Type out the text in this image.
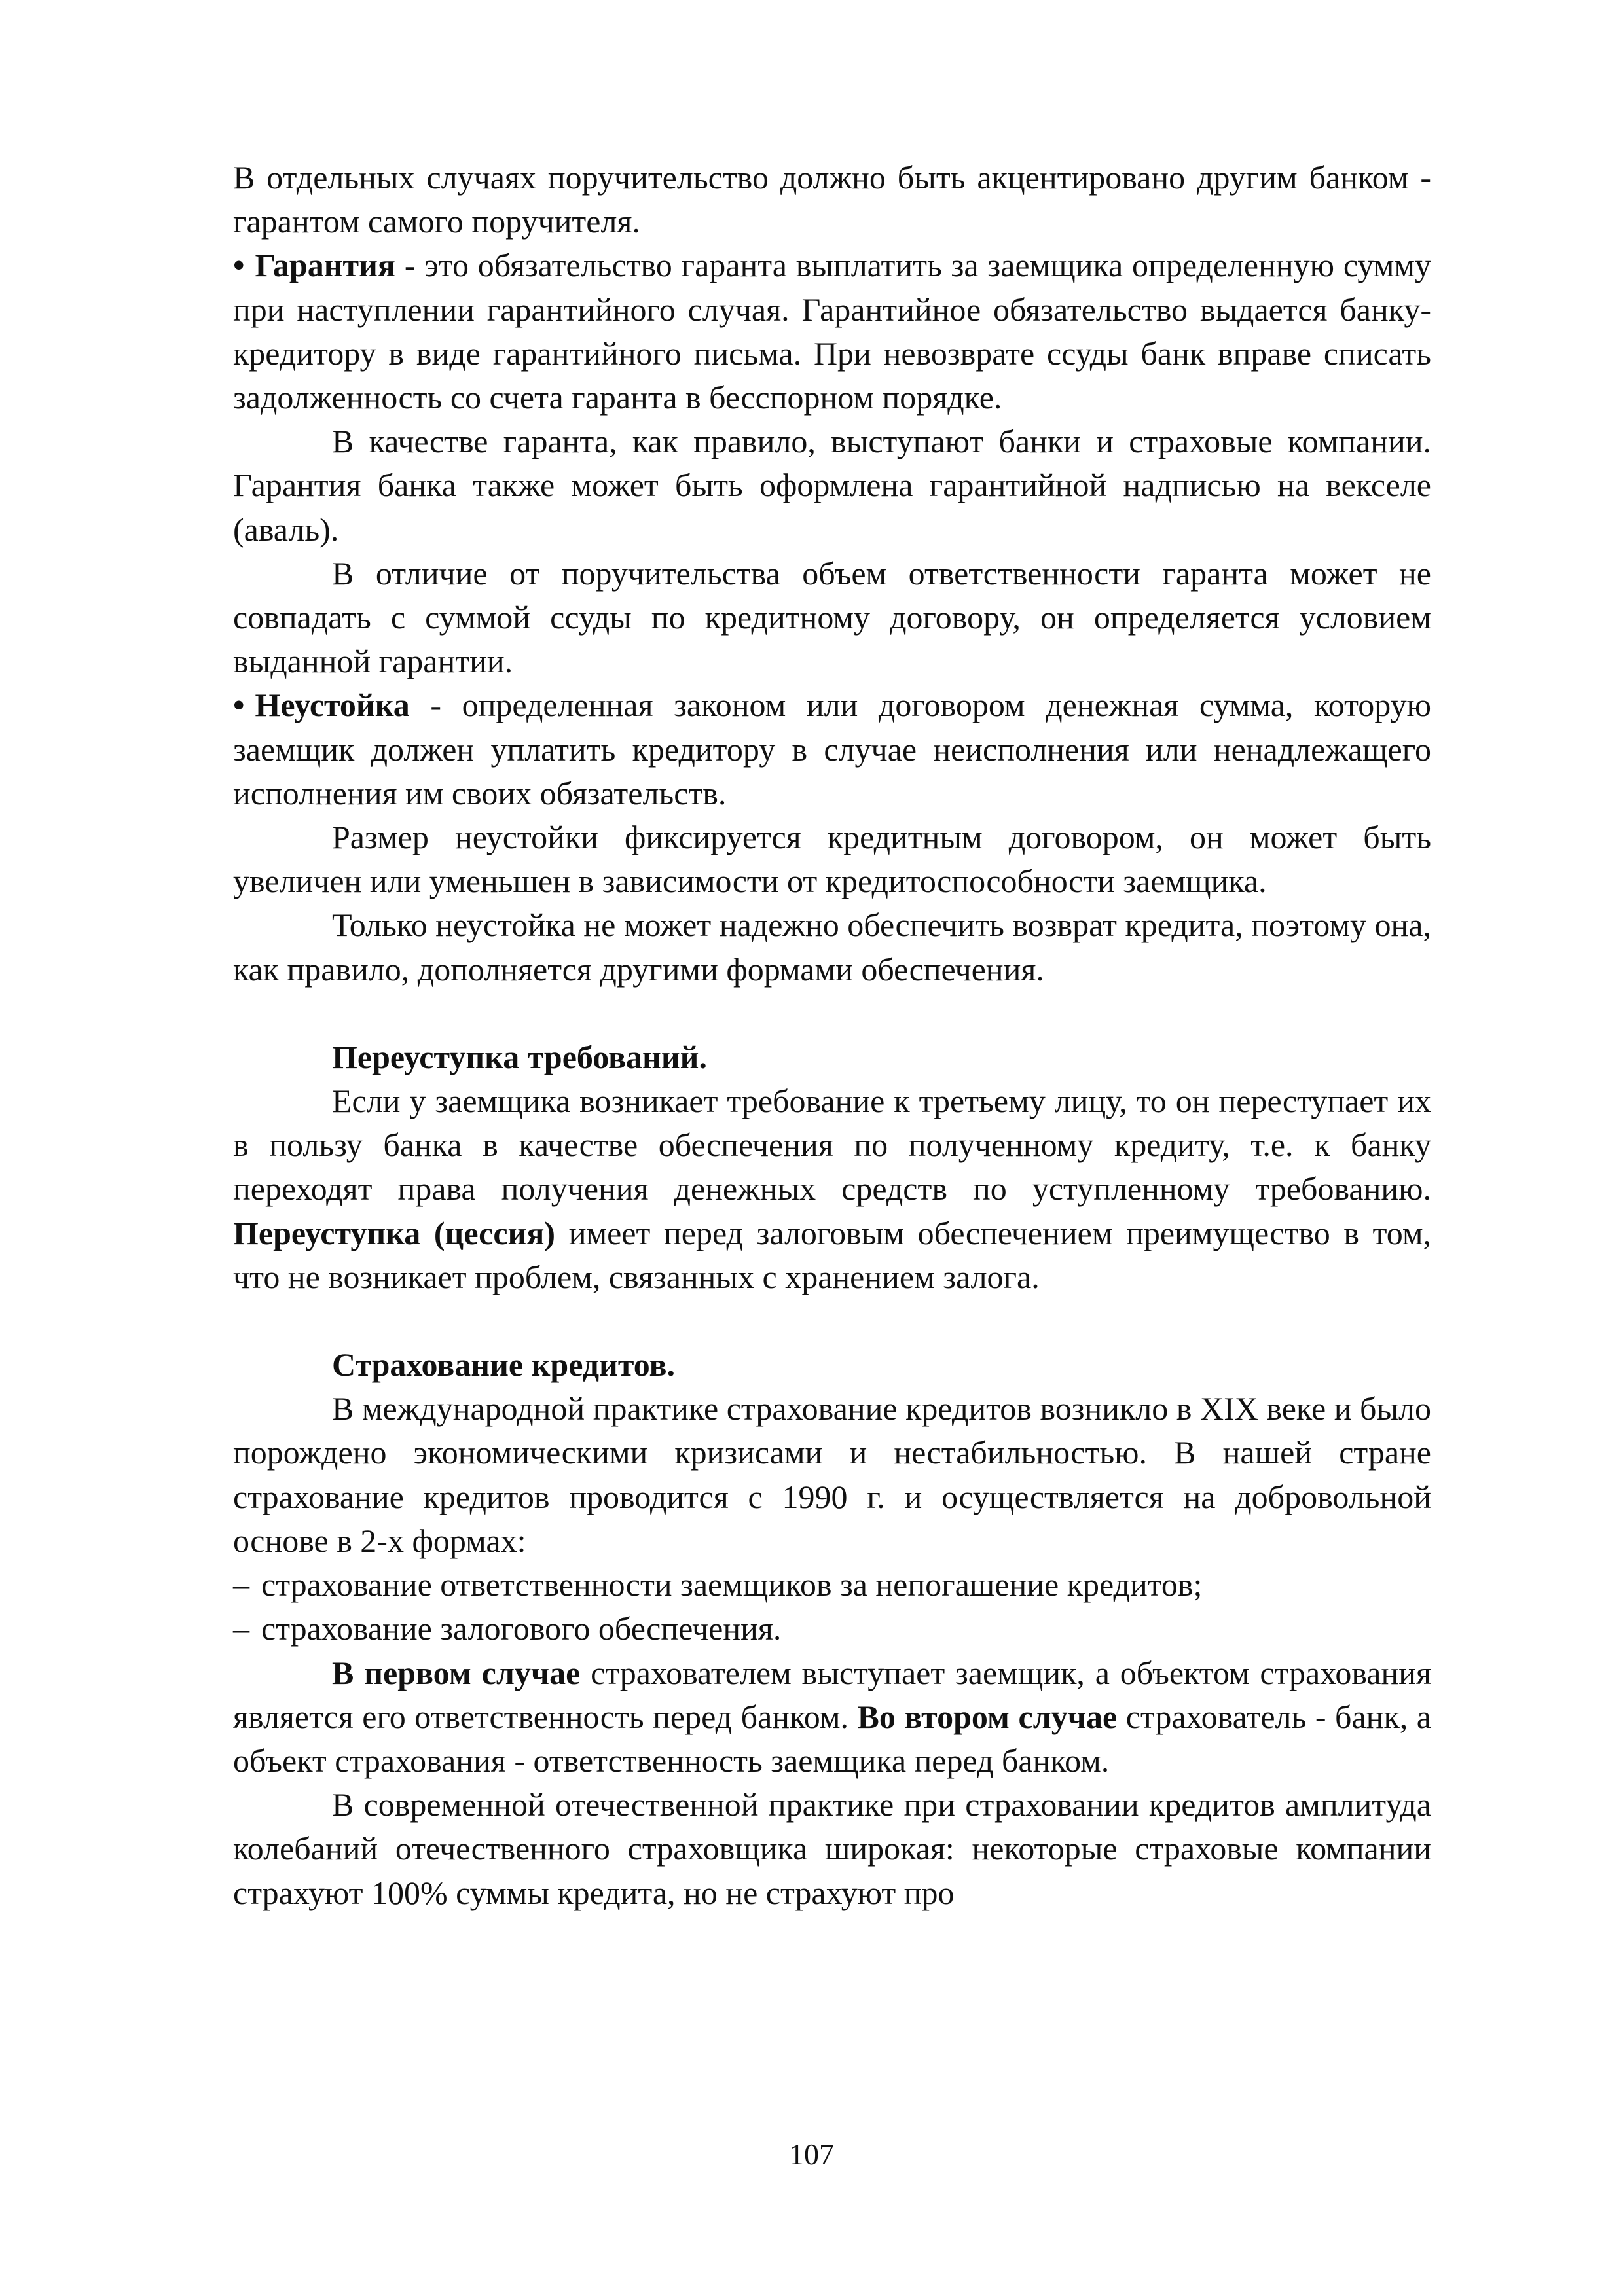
В отдельных случаях поручительство должно быть акцентировано другим банком - гарантом самого поручителя.

• Гарантия - это обязательство гаранта выплатить за заемщика определенную сумму при наступлении гарантийного случая. Гарантийное обязательство выдается банку-кредитору в виде гарантийного письма. При невозврате ссуды банк вправе списать задолженность со счета гаранта в бесспорном порядке.

В качестве гаранта, как правило, выступают банки и страховые компании. Гарантия банка также может быть оформлена гарантийной надписью на векселе (аваль).

В отличие от поручительства объем ответственности гаранта может не совпадать с суммой ссуды по кредитному договору, он определяется условием выданной гарантии.

• Неустойка - определенная законом или договором денежная сумма, которую заемщик должен уплатить кредитору в случае неисполнения или ненадлежащего исполнения им своих обязательств.

Размер неустойки фиксируется кредитным договором, он может быть увеличен или уменьшен в зависимости от кредитоспособности заемщика.

Только неустойка не может надежно обеспечить возврат кредита, поэтому она, как правило, дополняется другими формами обеспечения.

Переуступка требований.

Если у заемщика возникает требование к третьему лицу, то он переступает их в пользу банка в качестве обеспечения по полученному кредиту, т.е. к банку переходят права получения денежных средств по уступленному требованию. Переуступка (цессия) имеет перед залоговым обеспечением преимущество в том, что не возникает проблем, связанных с хранением залога.

Страхование кредитов.

В международной практике страхование кредитов возникло в XIX веке и было порождено экономическими кризисами и нестабильностью. В нашей стране страхование кредитов проводится с 1990 г. и осуществляется на добровольной основе в 2-х формах:

– страхование ответственности заемщиков за непогашение кредитов;

– страхование залогового обеспечения.

В первом случае страхователем выступает заемщик, а объектом страхования является его ответственность перед банком. Во втором случае страхователь - банк, а объект страхования - ответственность заемщика перед банком.

В современной отечественной практике при страховании кредитов амплитуда колебаний отечественного страховщика широкая: некоторые страховые компании страхуют 100% суммы кредита, но не страхуют про

107
